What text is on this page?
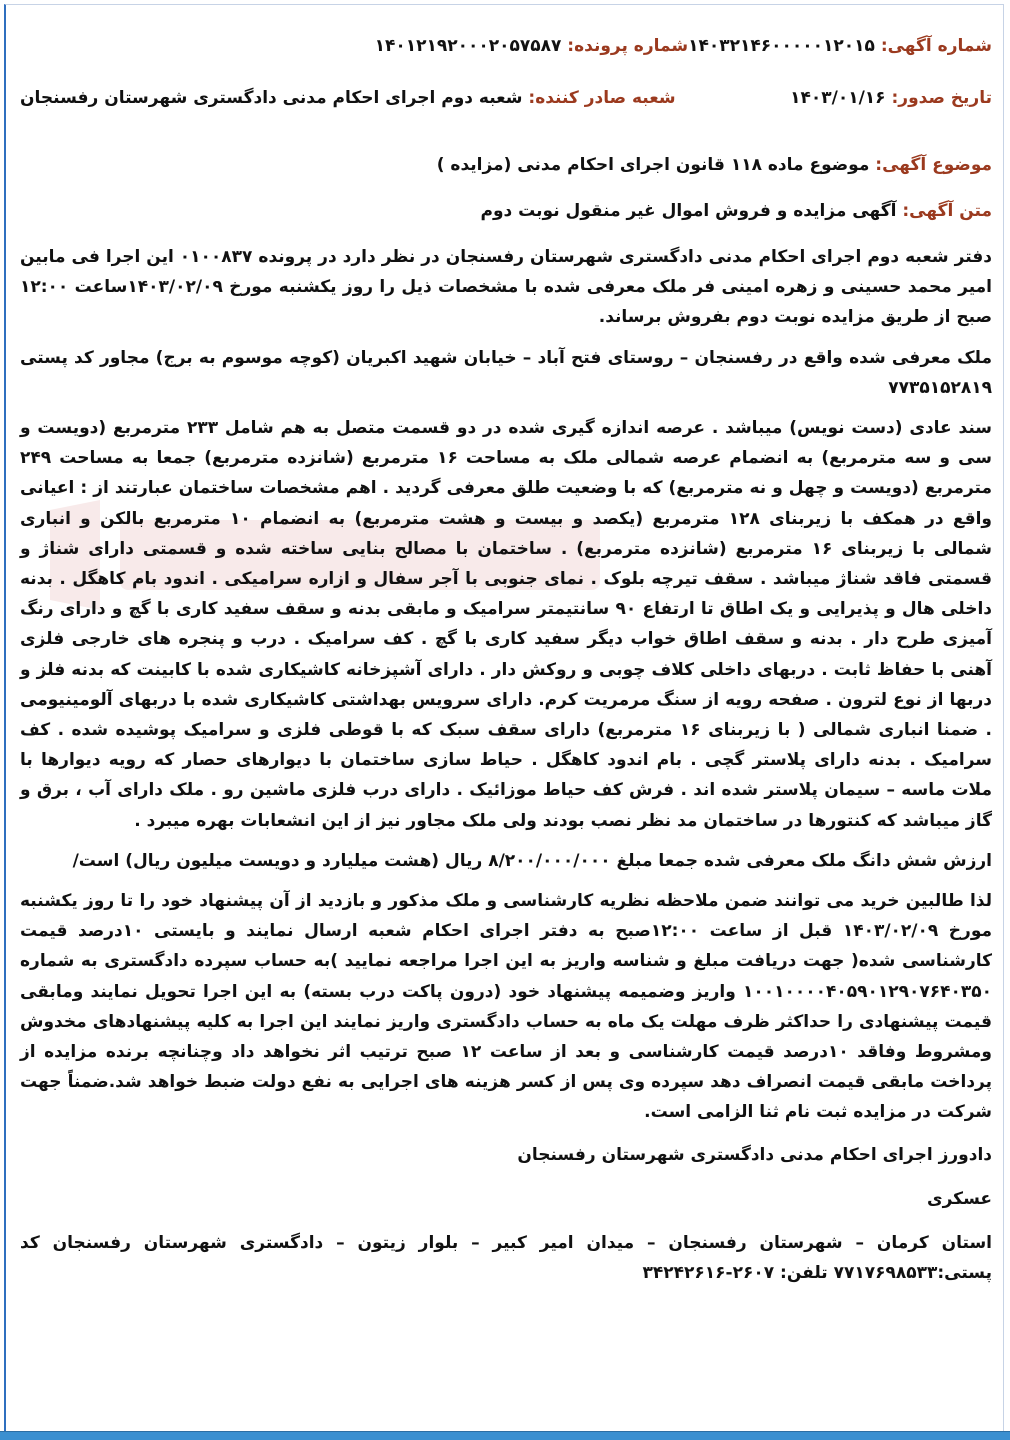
شماره آگهی: ۱۴۰۳۲۱۴۶۰۰۰۰۰۱۲۰۱۵
شماره پرونده: ۱۴۰۱۲۱۹۲۰۰۰۲۰۵۷۵۸۷
تاریخ صدور: ۱۴۰۳/۰۱/۱۶
شعبه صادر کننده: شعبه دوم اجرای احکام مدنی دادگستری شهرستان رفسنجان
موضوع آگهی: موضوع ماده ۱۱۸ قانون اجرای احکام مدنی (مزایده )
متن آگهی: آگهی مزایده و فروش اموال غیر منقول نوبت دوم

دفتر شعبه دوم اجرای احکام مدنی دادگستری شهرستان رفسنجان در نظر دارد در پرونده ۰۱۰۰۸۳۷ این اجرا فی مابین امیر محمد حسینی و زهره امینی فر ملک معرفی شده با مشخصات ذیل را روز یکشنبه مورخ ۱۴۰۳/۰۲/۰۹ساعت ۱۲:۰۰ صبح از طریق مزایده نوبت دوم بفروش برساند.

ملک معرفی شده واقع در رفسنجان – روستای فتح آباد – خیابان شهید اکبریان (کوچه موسوم به برج) مجاور کد پستی ۷۷۳۵۱۵۲۸۱۹

سند عادی (دست نویس) میباشد . عرصه اندازه گیری شده در دو قسمت متصل به هم شامل ۲۳۳ مترمربع (دویست و سی و سه مترمربع) به انضمام عرصه شمالی ملک به مساحت ۱۶ مترمربع (شانزده مترمربع) جمعا به مساحت ۲۴۹ مترمربع (دویست و چهل و نه مترمربع) که با وضعیت طلق معرفی گردید . اهم مشخصات ساختمان عبارتند از : اعیانی واقع در همکف با زیربنای ۱۲۸ مترمربع (یکصد و بیست و هشت مترمربع) به انضمام ۱۰ مترمربع بالکن و انباری شمالی با زیربنای ۱۶ مترمربع (شانزده مترمربع) . ساختمان با مصالح بنایی ساخته شده و قسمتی دارای شناژ و قسمتی فاقد شناژ میباشد . سقف تیرچه بلوک . نمای جنوبی با آجر سفال و ازاره سرامیکی . اندود بام کاهگل . بدنه داخلی هال و پذیرایی و یک اطاق تا ارتفاع ۹۰ سانتیمتر سرامیک و مابقی بدنه و سقف سفید کاری با گچ و دارای رنگ آمیزی طرح دار . بدنه و سقف اطاق خواب دیگر سفید کاری با گچ . کف سرامیک . درب و پنجره های خارجی فلزی آهنی با حفاظ ثابت . دربهای داخلی کلاف چوبی و روکش دار . دارای آشپزخانه کاشیکاری شده با کابینت که بدنه فلز و دربها از نوع لترون . صفحه رویه از سنگ مرمریت کرم. دارای سرویس بهداشتی کاشیکاری شده با دربهای آلومینیومی . ضمنا انباری شمالی ( با زیربنای ۱۶ مترمربع) دارای سقف سبک که با قوطی فلزی و سرامیک پوشیده شده . کف سرامیک . بدنه دارای پلاستر گچی . بام اندود کاهگل . حیاط سازی ساختمان با دیوارهای حصار که رویه دیوارها با ملات ماسه – سیمان پلاستر شده اند . فرش کف حیاط موزائیک . دارای درب فلزی ماشین رو . ملک دارای آب ، برق و گاز میباشد که کنتورها در ساختمان مد نظر نصب بودند ولی ملک مجاور نیز از این انشعابات بهره میبرد .

ارزش شش دانگ ملک معرفی شده جمعا مبلغ ۸/۲۰۰/۰۰۰/۰۰۰ ریال (هشت میلیارد و دویست میلیون ریال) است/

لذا طالبین خرید می توانند ضمن ملاحظه نظریه کارشناسی و ملک مذکور و بازدید از آن پیشنهاد خود را تا روز یکشنبه مورخ ۱۴۰۳/۰۲/۰۹ قبل از ساعت ۱۲:۰۰صبح به دفتر اجرای احکام شعبه ارسال نمایند و بایستی ۱۰درصد قیمت کارشناسی شده( جهت دریافت مبلغ و شناسه واریز به این اجرا مراجعه نمایید )به حساب سپرده دادگستری به شماره ۱۰۰۱۰۰۰۰۴۰۵۹۰۱۲۹۰۷۶۴۰۳۵۰ واریز وضمیمه پیشنهاد خود (درون پاکت درب بسته) به این اجرا تحویل نمایند ومابقی قیمت پیشنهادی را حداکثر ظرف مهلت یک ماه به حساب دادگستری واریز نمایند این اجرا به کلیه پیشنهادهای مخدوش ومشروط وفاقد ۱۰درصد قیمت کارشناسی و بعد از ساعت ۱۲ صبح ترتیب اثر نخواهد داد وچنانچه برنده مزایده از پرداخت مابقی قیمت انصراف دهد سپرده وی پس از کسر هزینه های اجرایی به نفع دولت ضبط خواهد شد.ضمناً جهت شرکت در مزایده ثبت نام ثنا الزامی است.

دادورز اجرای احکام مدنی دادگستری شهرستان رفسنجان
عسکری

استان کرمان – شهرستان رفسنجان – میدان امیر کبیر – بلوار زیتون – دادگستری شهرستان رفسنجان کد پستی:۷۷۱۷۶۹۸۵۳۳ تلفن: ۲۶۰۷-۳۴۲۴۲۶۱۶
